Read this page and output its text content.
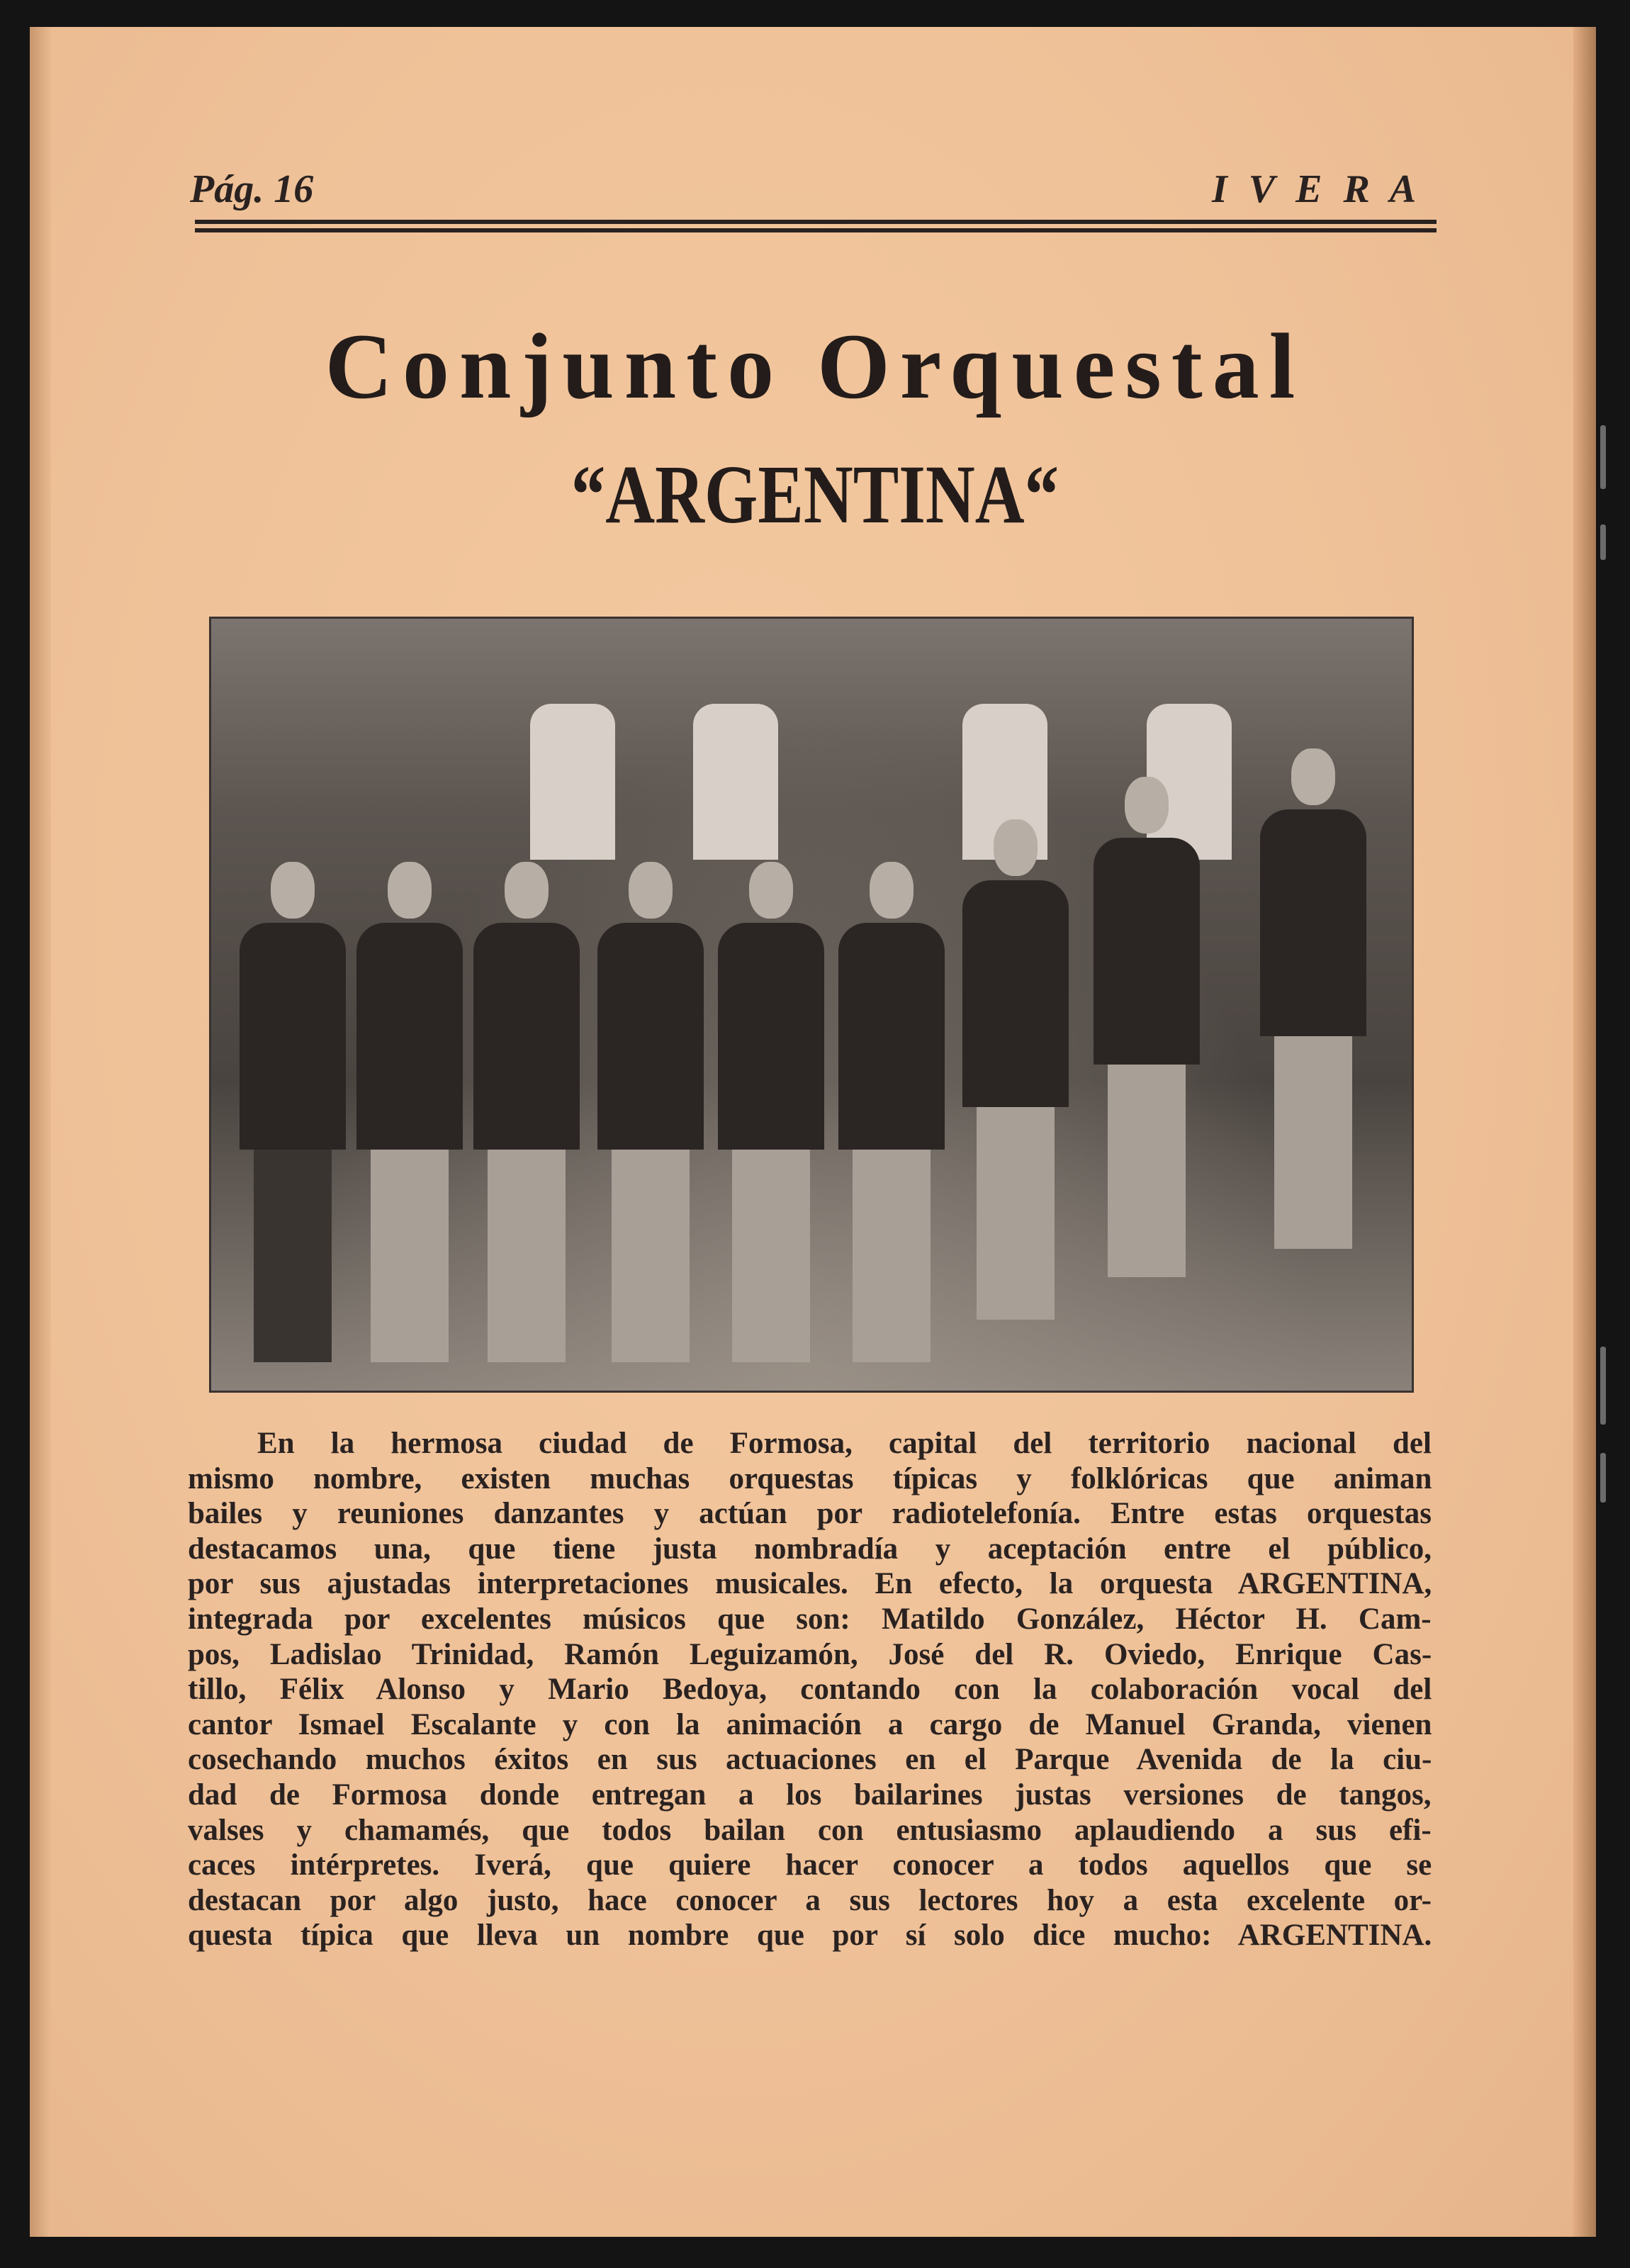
Pág. 16	I V E R A
Conjunto Orquestal
“ARGENTINA“
En la hermosa ciudad de Formosa, capital del territorio nacional del
mismo nombre, existen muchas orquestas típicas y folklóricas que animan
bailes y reuniones danzantes y actúan por radiotelefonía. Entre estas orquestas
destacamos una, que tiene justa nombradía y aceptación entre el público,
por sus ajustadas interpretaciones musicales. En efecto, la orquesta ARGENTINA,
integrada por excelentes músicos que son: Matildo González, Héctor H. Cam-
pos, Ladislao Trinidad, Ramón Leguizamón, José del R. Oviedo, Enrique Cas-
tillo, Félix Alonso y Mario Bedoya, contando con la colaboración vocal del
cantor Ismael Escalante y con la animación a cargo de Manuel Granda, vienen
cosechando muchos éxitos en sus actuaciones en el Parque Avenida de la ciu-
dad de Formosa donde entregan a los bailarines justas versiones de tangos,
valses y chamamés, que todos bailan con entusiasmo aplaudiendo a sus efi-
caces intérpretes. Iverá, que quiere hacer conocer a todos aquellos que se
destacan por algo justo, hace conocer a sus lectores hoy a esta excelente or-
questa típica que lleva un nombre que por sí solo dice mucho: ARGENTINA.
